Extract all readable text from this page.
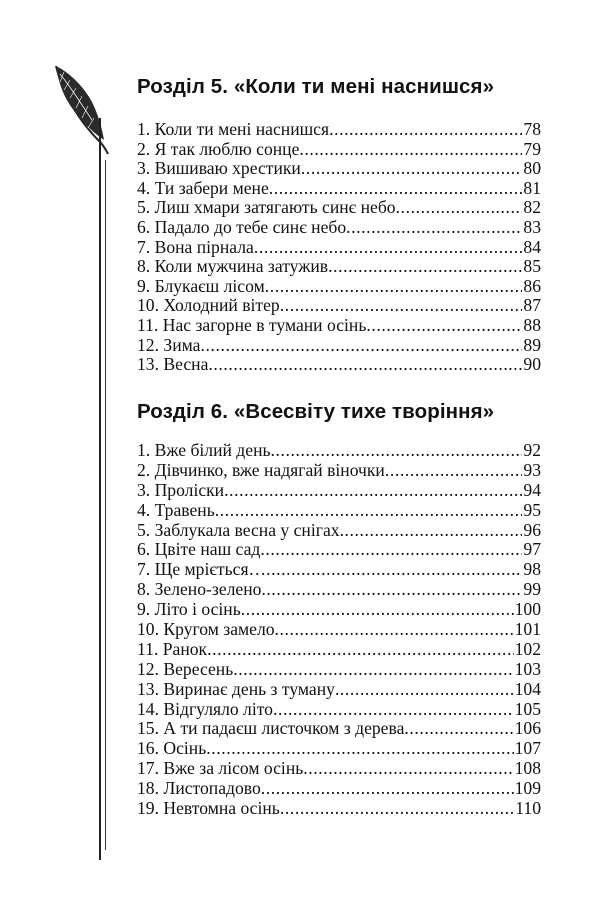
Розділ 5. «Коли ти мені наснишся»
1. Коли ти мені наснишся .....	78
2. Я так люблю сонце .....	79
3. Вишиваю хрестики .....	80
4. Ти забери мене .....	81
5. Лиш хмари затягають синє небо .....	82
6. Падало до тебе синє небо .....	83
7. Вона пірнала .....	84
8. Коли мужчина затужив .....	85
9. Блукаєш лісом .....	86
10. Холодний вітер .....	87
11. Нас загорне в тумани осінь .....	88
12. Зима .....	89
13. Весна .....	90
Розділ 6. «Всесвіту тихе творіння»
1. Вже білий день .....	92
2. Дівчинко, вже надягай віночки .....	93
3. Проліски .....	94
4. Травень .....	95
5. Заблукала весна у снігах .....	96
6. Цвіте наш сад .....	97
7. Ще мріється… .....	98
8. Зелено-зелено .....	99
9. Літо і осінь .....	100
10. Кругом замело .....	101
11. Ранок .....	102
12. Вересень .....	103
13. Виринає день з туману .....	104
14. Відгуляло літо .....	105
15. А ти падаєш листочком з дерева .....	106
16. Осінь .....	107
17. Вже за лісом осінь .....	108
18. Листопадово .....	109
19. Невтомна осінь .....	110
